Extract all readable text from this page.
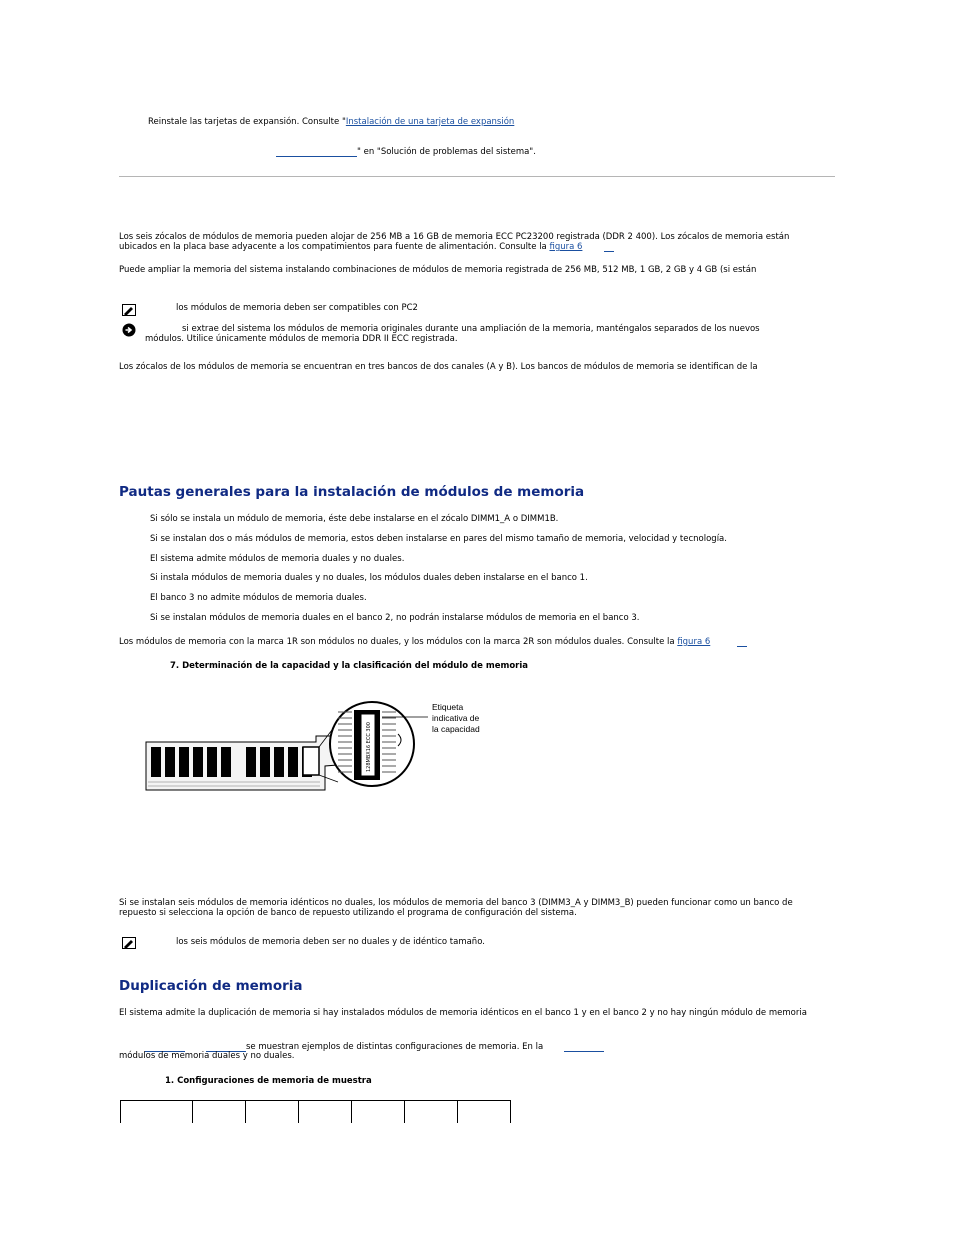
Reinstale las tarjetas de expansión. Consulte "Instalación de una tarjeta de expansión
" en "Solución de problemas del sistema".
Los seis zócalos de módulos de memoria pueden alojar de 256 MB a 16 GB de memoria ECC PC23200 registrada (DDR 2 400). Los zócalos de memoria están
ubicados en la placa base adyacente a los compatimientos para fuente de alimentación. Consulte la figura 6
Puede ampliar la memoria del sistema instalando combinaciones de módulos de memoria registrada de 256 MB, 512 MB, 1 GB, 2 GB y 4 GB (si están
los módulos de memoria deben ser compatibles con PC2
si extrae del sistema los módulos de memoria originales durante una ampliación de la memoria, manténgalos separados de los nuevos
módulos. Utilice únicamente módulos de memoria DDR II ECC registrada.
Los zócalos de los módulos de memoria se encuentran en tres bancos de dos canales (A y B). Los bancos de módulos de memoria se identifican de la
Pautas generales para la instalación de módulos de memoria
Si sólo se instala un módulo de memoria, éste debe instalarse en el zócalo DIMM1_A o DIMM1B.
Si se instalan dos o más módulos de memoria, estos deben instalarse en pares del mismo tamaño de memoria, velocidad y tecnología.
El sistema admite módulos de memoria duales y no duales.
Si instala módulos de memoria duales y no duales, los módulos duales deben instalarse en el banco 1.
El banco 3 no admite módulos de memoria duales.
Si se instalan módulos de memoria duales en el banco 2, no podrán instalarse módulos de memoria en el banco 3.
Los módulos de memoria con la marca 1R son módulos no duales, y los módulos con la marca 2R son módulos duales. Consulte la figura 6
7. Determinación de la capacidad y la clasificación del módulo de memoria
128MBX16 ECC 300
Etiqueta
indicativa de
la capacidad
Si se instalan seis módulos de memoria idénticos no duales, los módulos de memoria del banco 3 (DIMM3_A y DIMM3_B) pueden funcionar como un banco de
repuesto si selecciona la opción de banco de repuesto utilizando el programa de configuración del sistema.
los seis módulos de memoria deben ser no duales y de idéntico tamaño.
Duplicación de memoria
El sistema admite la duplicación de memoria si hay instalados módulos de memoria idénticos en el banco 1 y en el banco 2 y no hay ningún módulo de memoria
se muestran ejemplos de distintas configuraciones de memoria. En la
módulos de memoria duales y no duales.
1. Configuraciones de memoria de muestra
